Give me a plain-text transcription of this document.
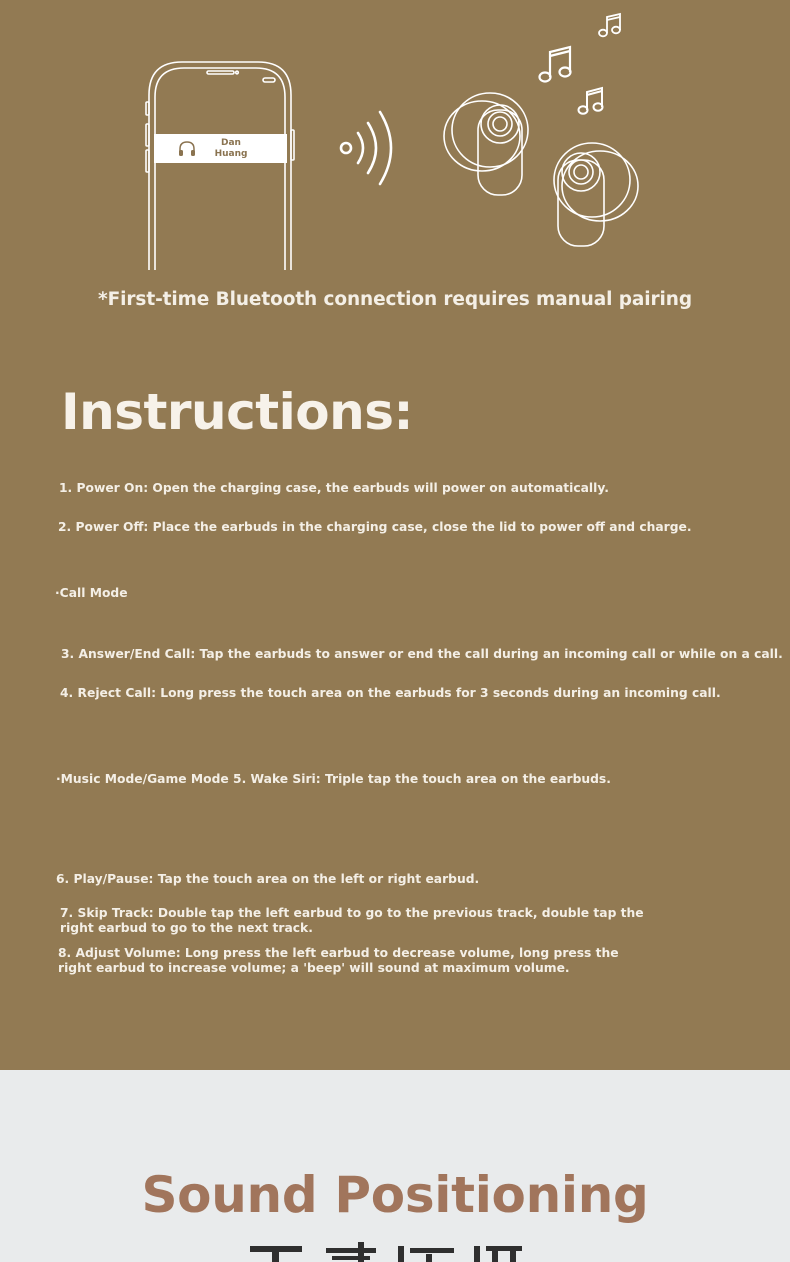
Dan Huang
*First-time Bluetooth connection requires manual pairing
Instructions:
1. Power On: Open the charging case, the earbuds will power on automatically.
2. Power Off: Place the earbuds in the charging case, close the lid to power off and charge.
·Call Mode
3. Answer/End Call: Tap the earbuds to answer or end the call during an incoming call or while on a call.
4. Reject Call: Long press the touch area on the earbuds for 3 seconds during an incoming call.
·Music Mode/Game Mode 5. Wake Siri: Triple tap the touch area on the earbuds.
6. Play/Pause: Tap the touch area on the left or right earbud.
7. Skip Track: Double tap the left earbud to go to the previous track, double tap the
right earbud to go to the next track.
8. Adjust Volume: Long press the left earbud to decrease volume, long press the
right earbud to increase volume; a 'beep' will sound at maximum volume.
Sound Positioning
